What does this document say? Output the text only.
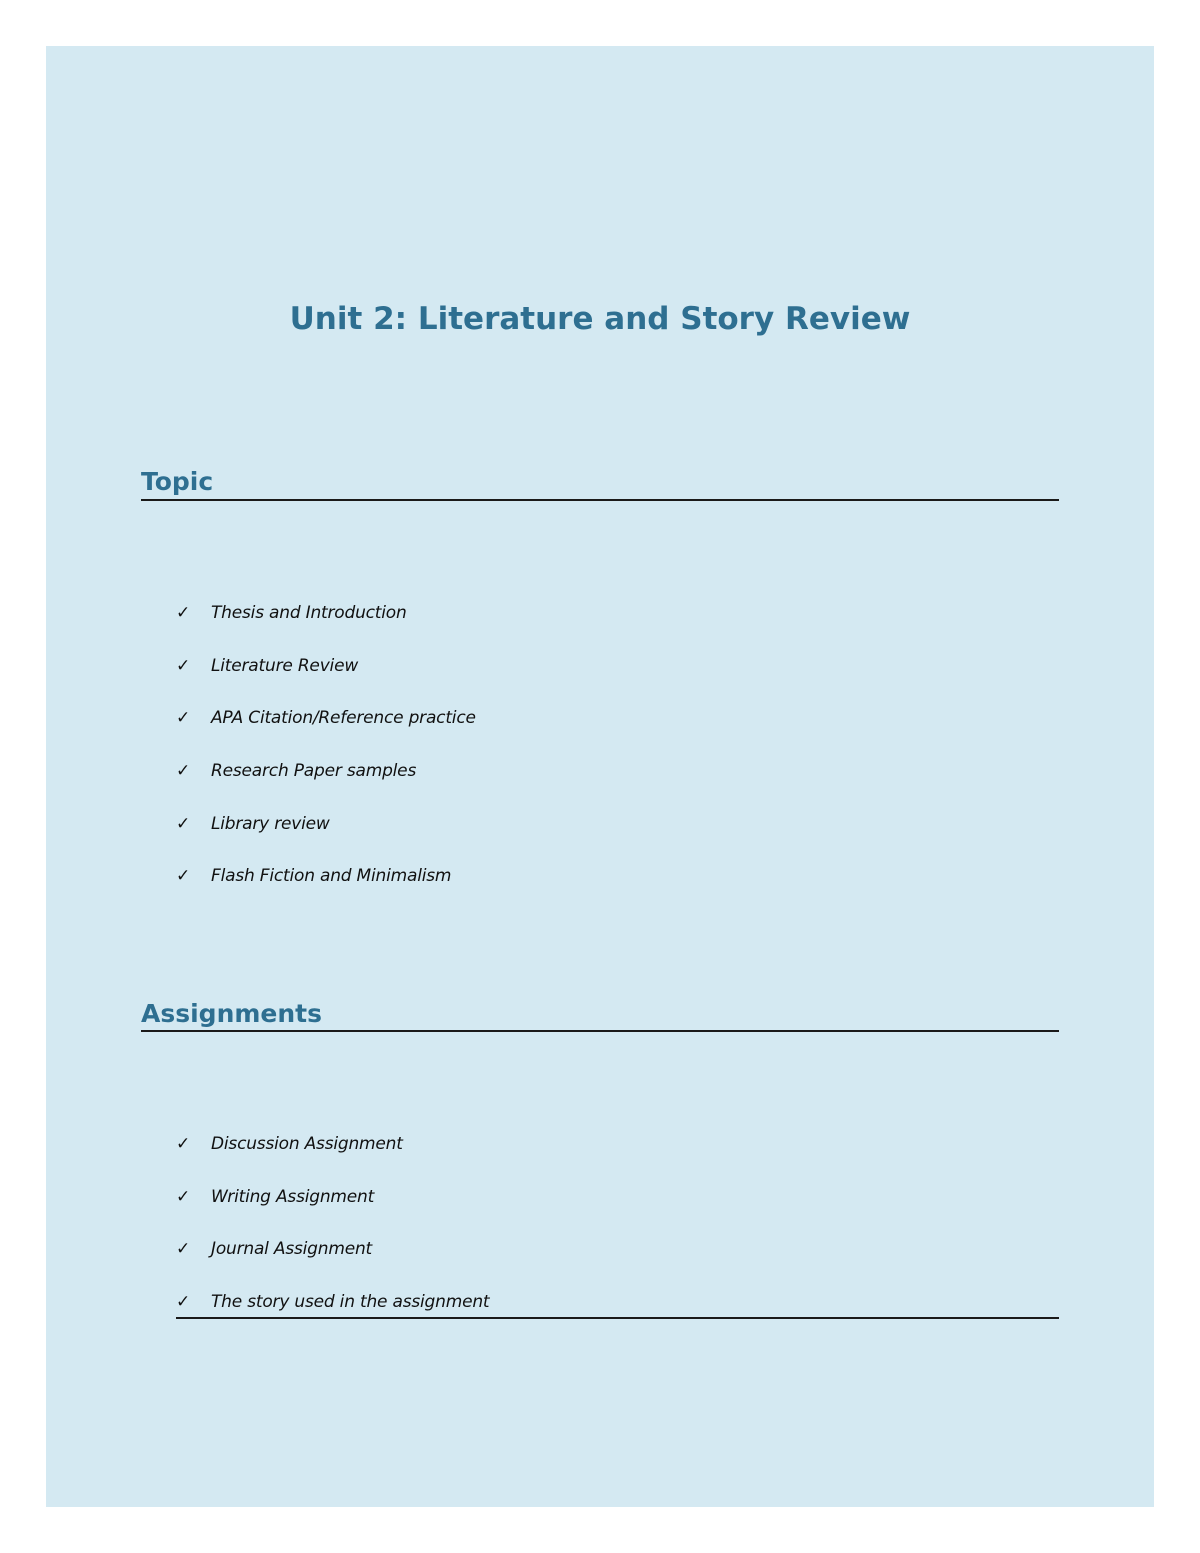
Unit 2: Literature and Story Review
Topic
✓	Thesis and Introduction
✓	Literature Review
✓	APA Citation/Reference practice
✓	Research Paper samples
✓	Library review
✓	Flash Fiction and Minimalism
Assignments
✓	Discussion Assignment
✓	Writing Assignment
✓	Journal Assignment
✓	The story used in the assignment
